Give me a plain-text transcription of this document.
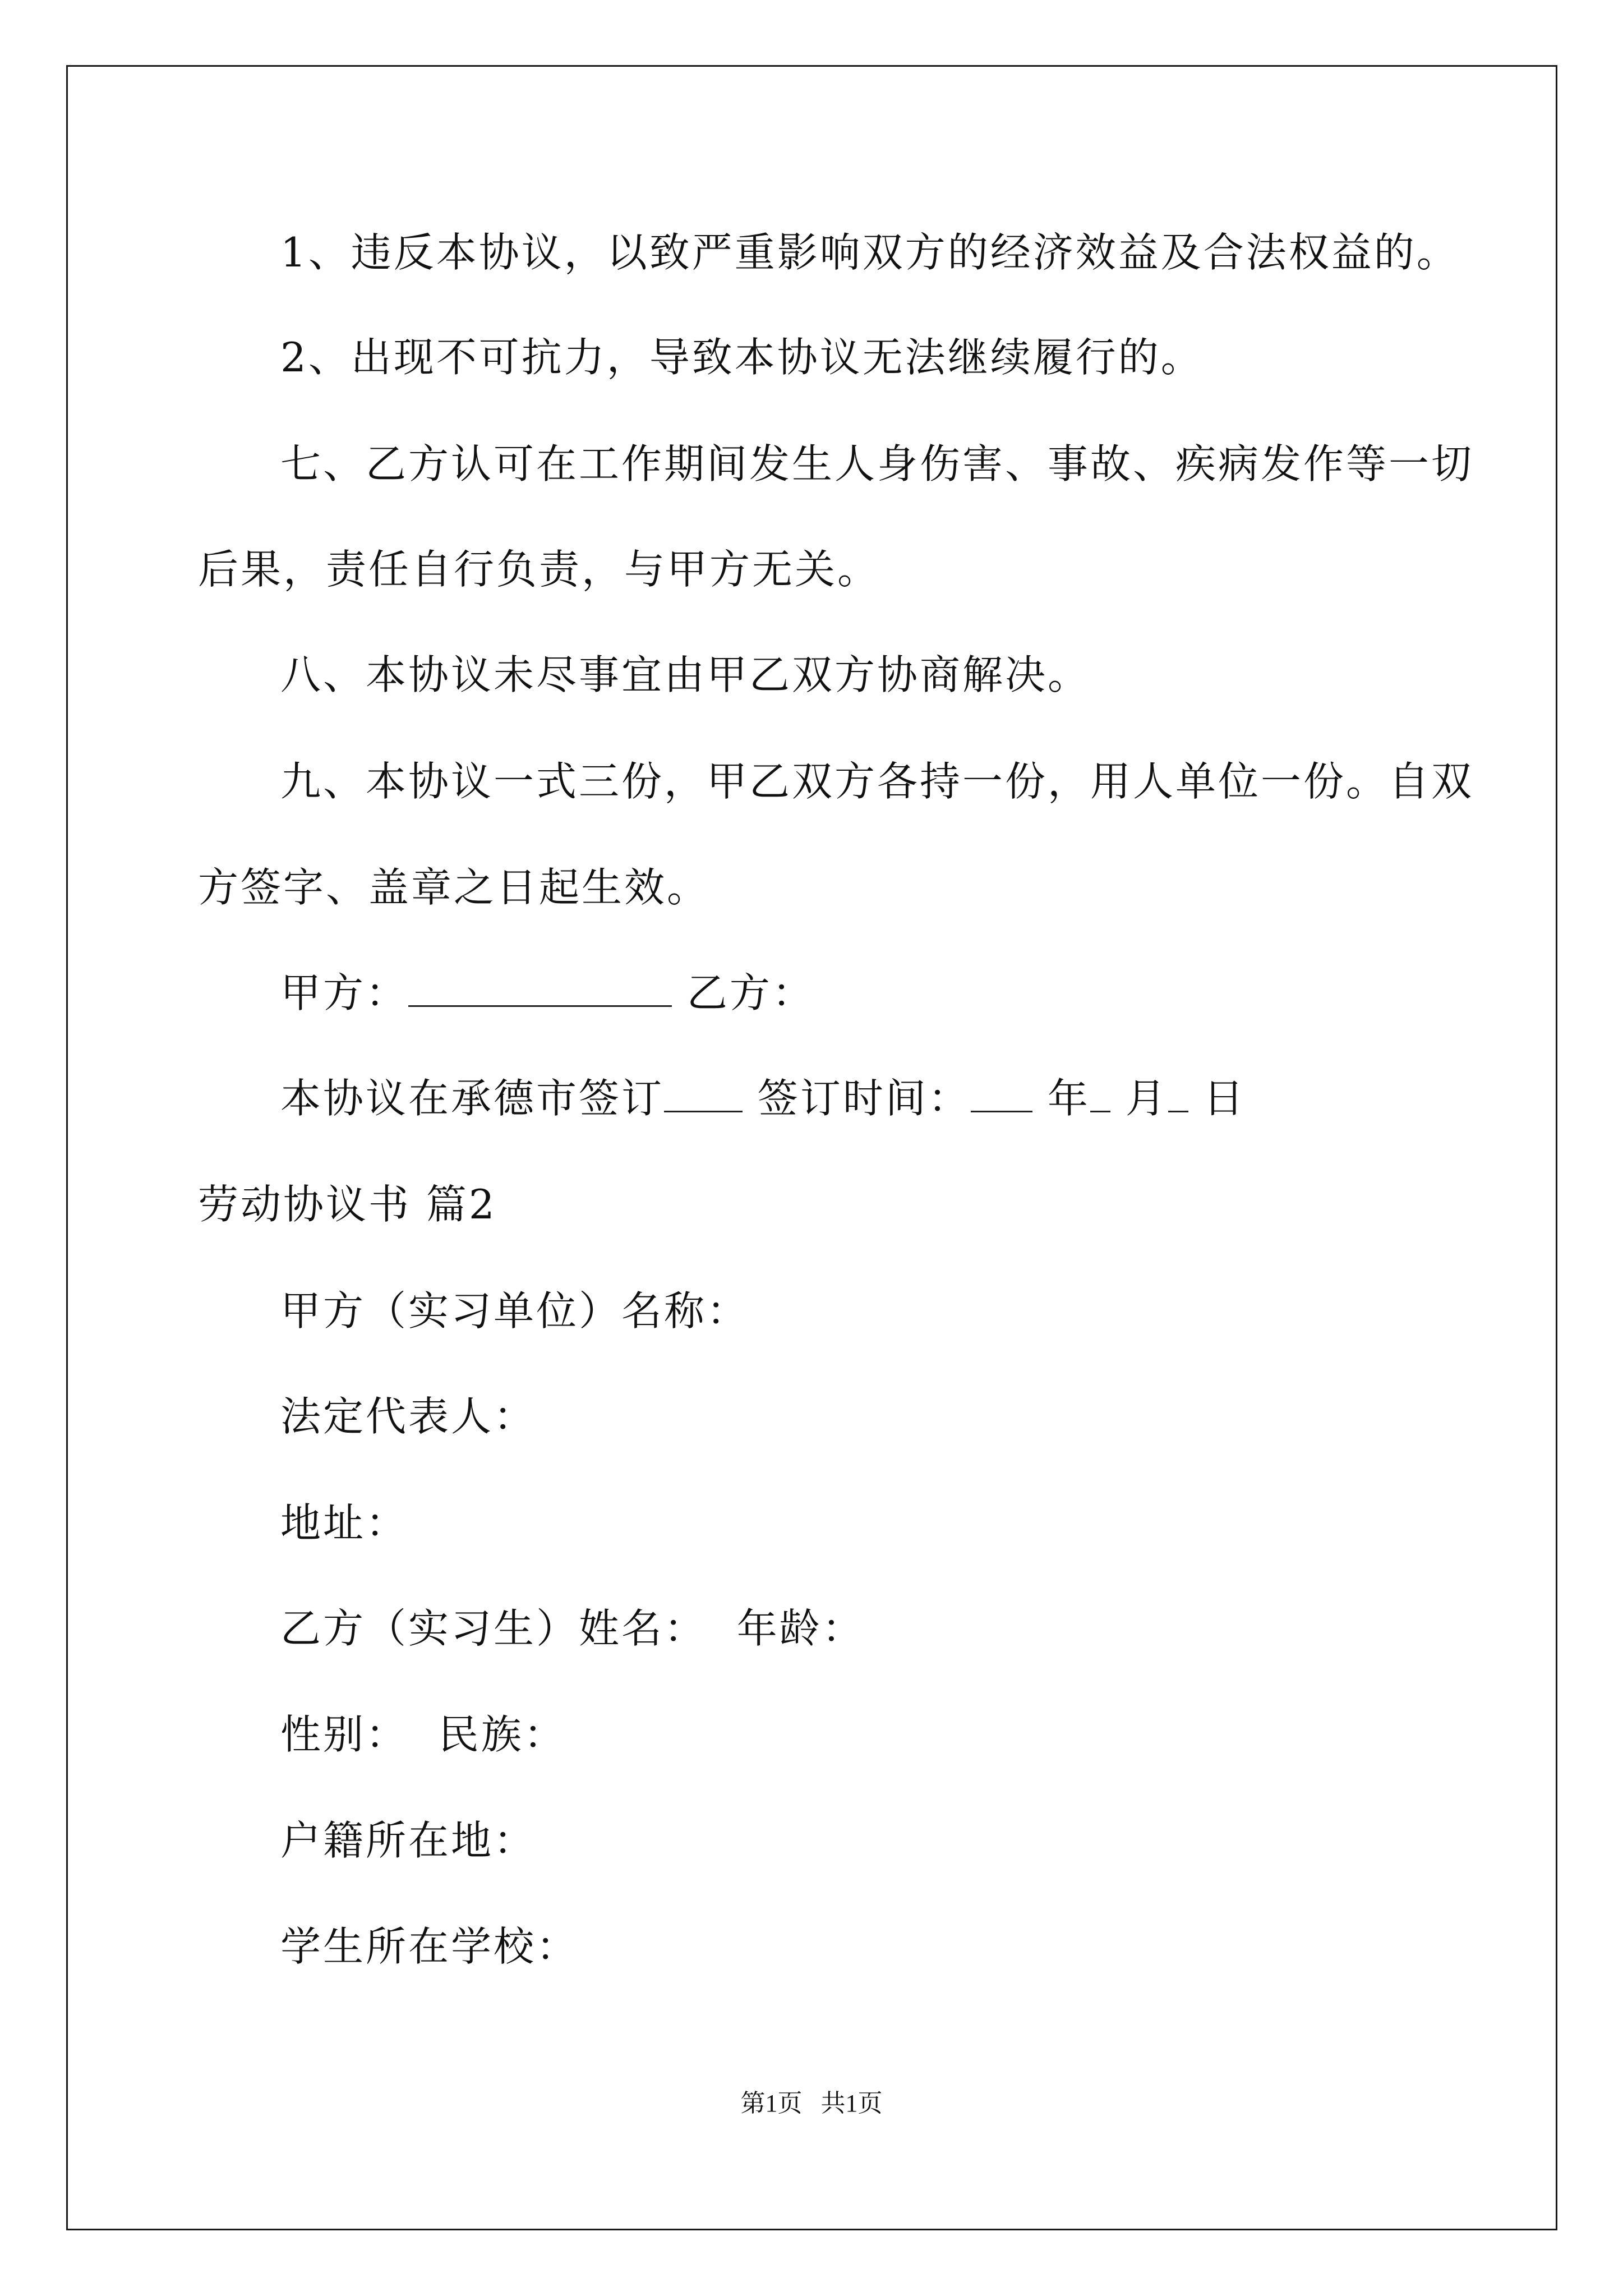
1、违反本协议，以致严重影响双方的经济效益及合法权益的。
2、出现不可抗力，导致本协议无法继续履行的。
七、乙方认可在工作期间发生人身伤害、事故、疾病发作等一切
后果，责任自行负责，与甲方无关。
八、本协议未尽事宜由甲乙双方协商解决。
九、本协议一式三份，甲乙双方各持一份，用人单位一份。自双
方签字、盖章之日起生效。
甲方：	乙方：
本协议在承德市签订 签订时间： 年 月 日
劳动协议书 篇2
甲方（实习单位）名称：
法定代表人：
地址：
乙方（实习生）姓名：  年龄：
性别：  民族：
户籍所在地：
学生所在学校：
第1页   共1页
